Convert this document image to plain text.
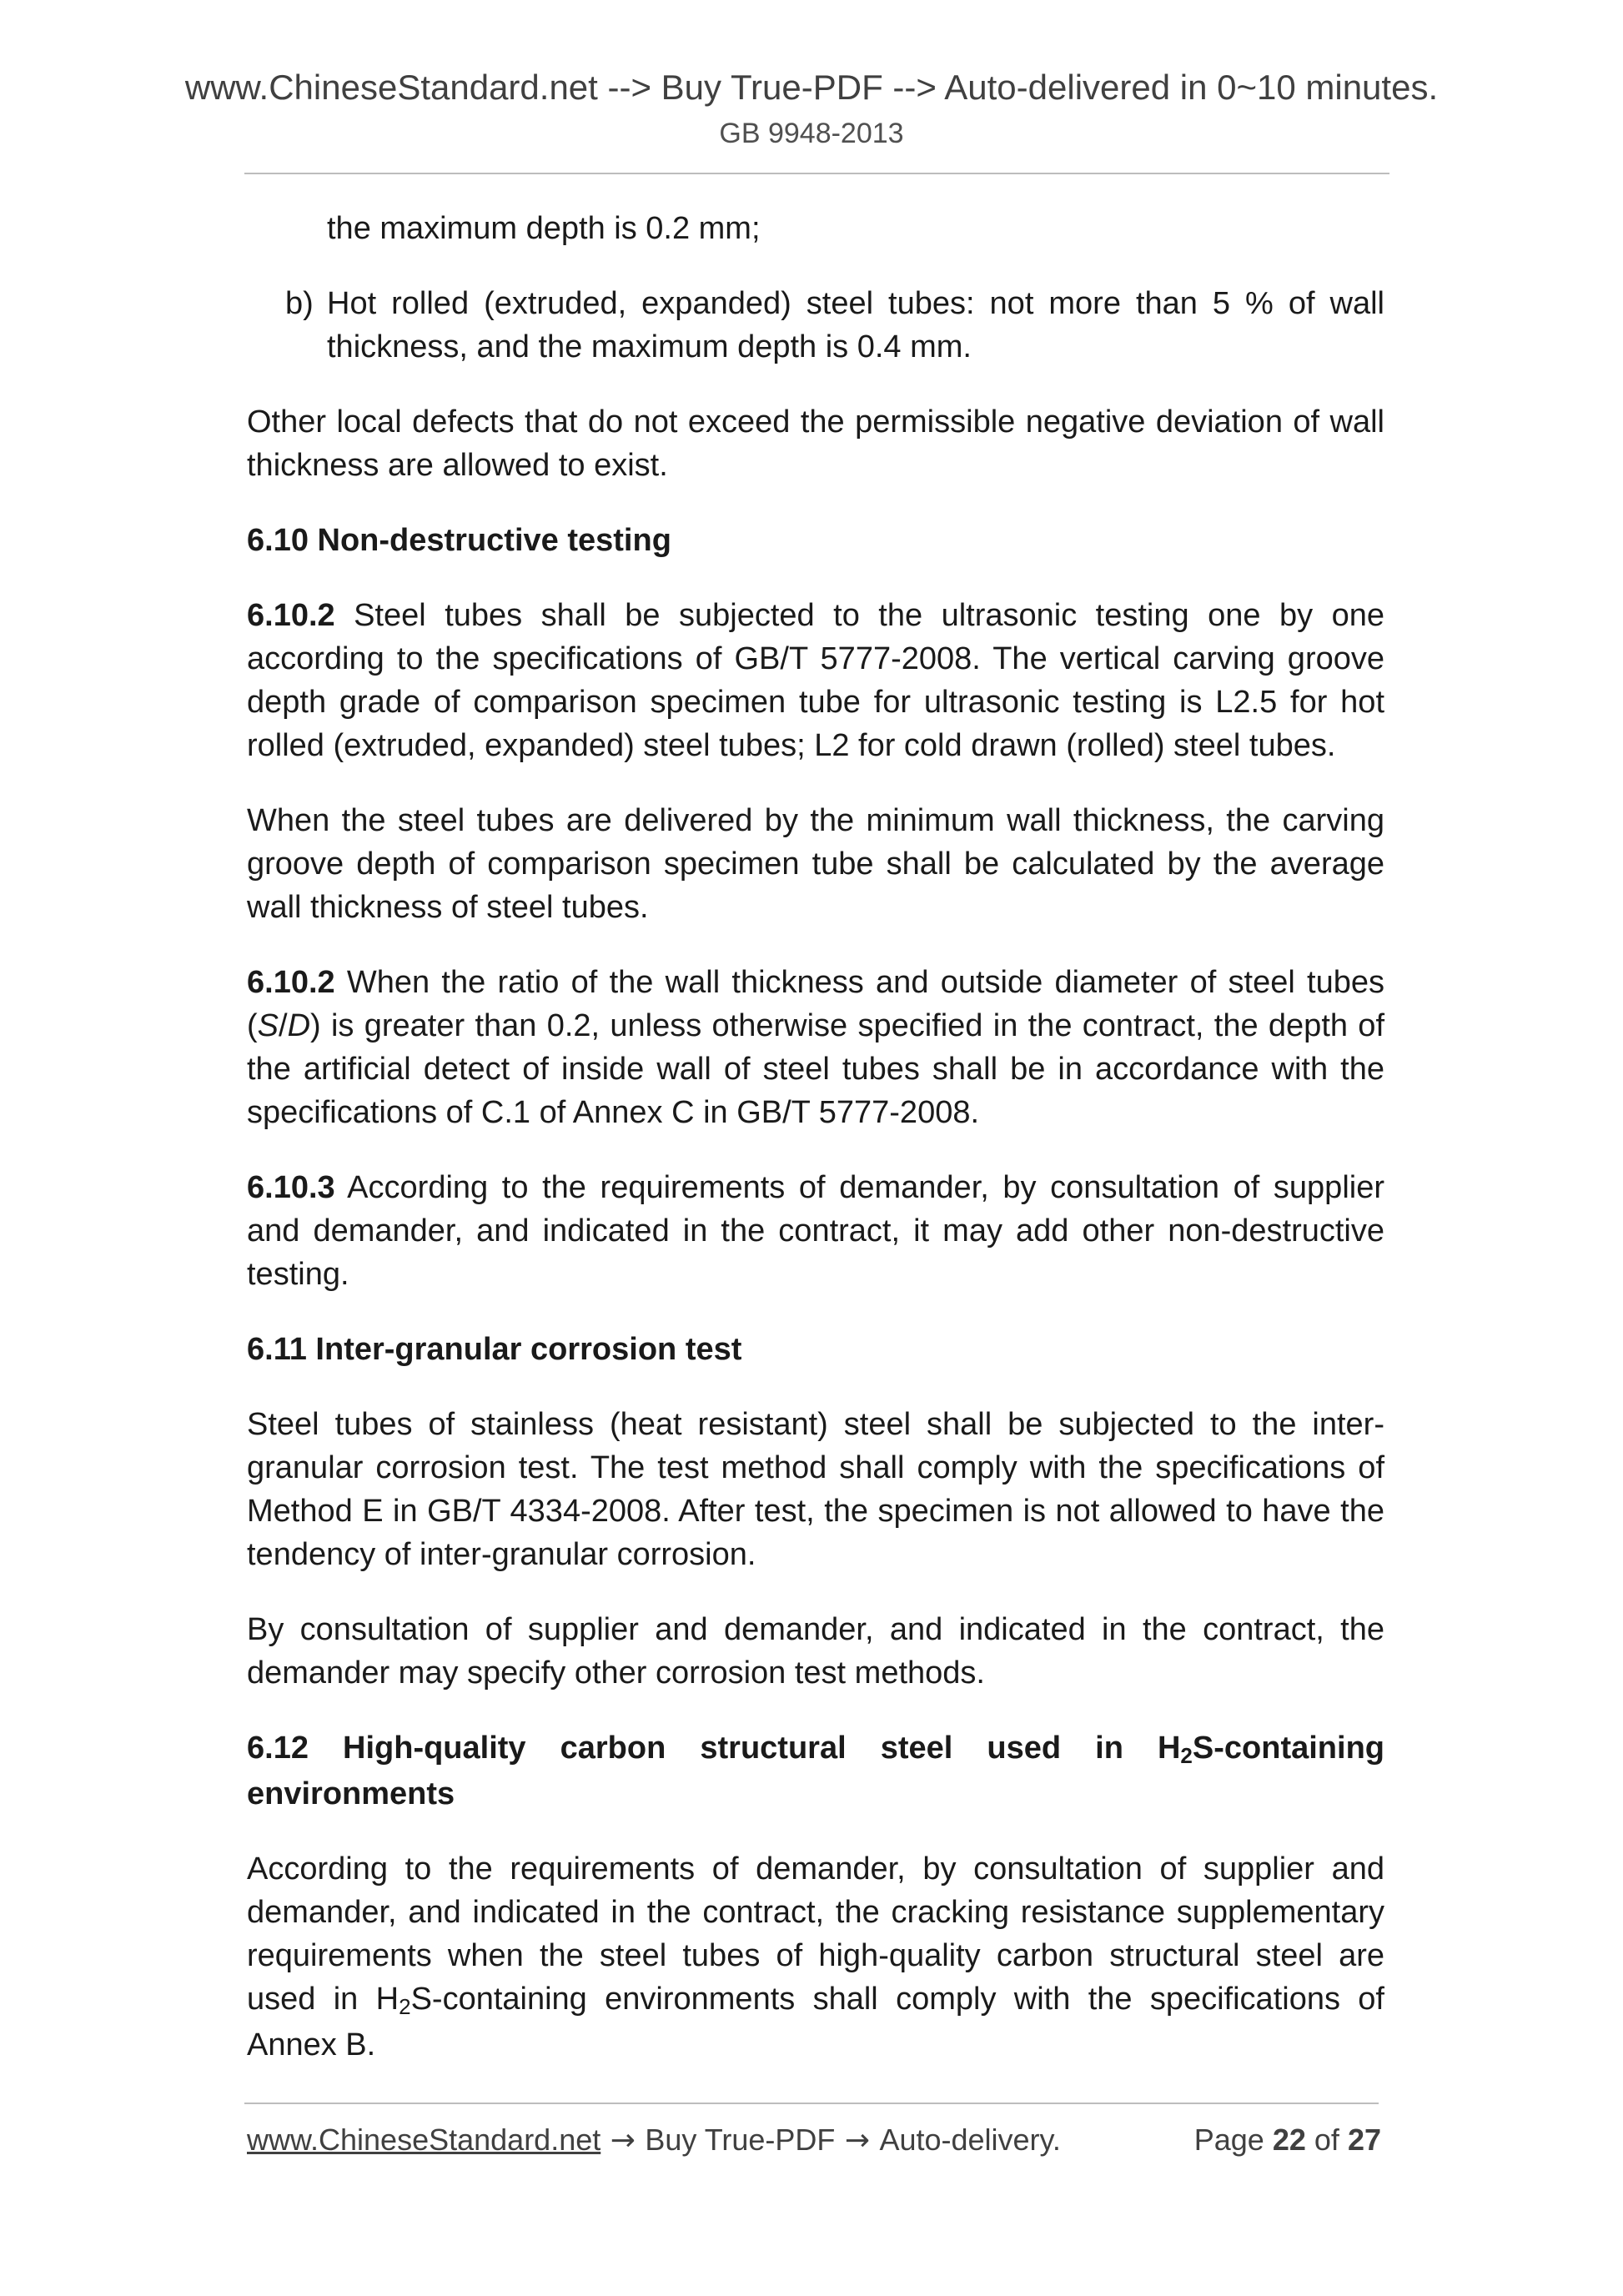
www.ChineseStandard.net --> Buy True-PDF --> Auto-delivered in 0~10 minutes.
GB 9948-2013

the maximum depth is 0.2 mm;

b) Hot rolled (extruded, expanded) steel tubes: not more than 5 % of wall thickness, and the maximum depth is 0.4 mm.

Other local defects that do not exceed the permissible negative deviation of wall thickness are allowed to exist.

6.10 Non-destructive testing

6.10.2 Steel tubes shall be subjected to the ultrasonic testing one by one according to the specifications of GB/T 5777-2008. The vertical carving groove depth grade of comparison specimen tube for ultrasonic testing is L2.5 for hot rolled (extruded, expanded) steel tubes; L2 for cold drawn (rolled) steel tubes.

When the steel tubes are delivered by the minimum wall thickness, the carving groove depth of comparison specimen tube shall be calculated by the average wall thickness of steel tubes.

6.10.2 When the ratio of the wall thickness and outside diameter of steel tubes (S/D) is greater than 0.2, unless otherwise specified in the contract, the depth of the artificial detect of inside wall of steel tubes shall be in accordance with the specifications of C.1 of Annex C in GB/T 5777-2008.

6.10.3 According to the requirements of demander, by consultation of supplier and demander, and indicated in the contract, it may add other non-destructive testing.

6.11 Inter-granular corrosion test

Steel tubes of stainless (heat resistant) steel shall be subjected to the inter-granular corrosion test. The test method shall comply with the specifications of Method E in GB/T 4334-2008. After test, the specimen is not allowed to have the tendency of inter-granular corrosion.

By consultation of supplier and demander, and indicated in the contract, the demander may specify other corrosion test methods.

6.12 High-quality carbon structural steel used in H2S-containing environments

According to the requirements of demander, by consultation of supplier and demander, and indicated in the contract, the cracking resistance supplementary requirements when the steel tubes of high-quality carbon structural steel are used in H2S-containing environments shall comply with the specifications of Annex B.

www.ChineseStandard.net → Buy True-PDF → Auto-delivery.	Page 22 of 27
